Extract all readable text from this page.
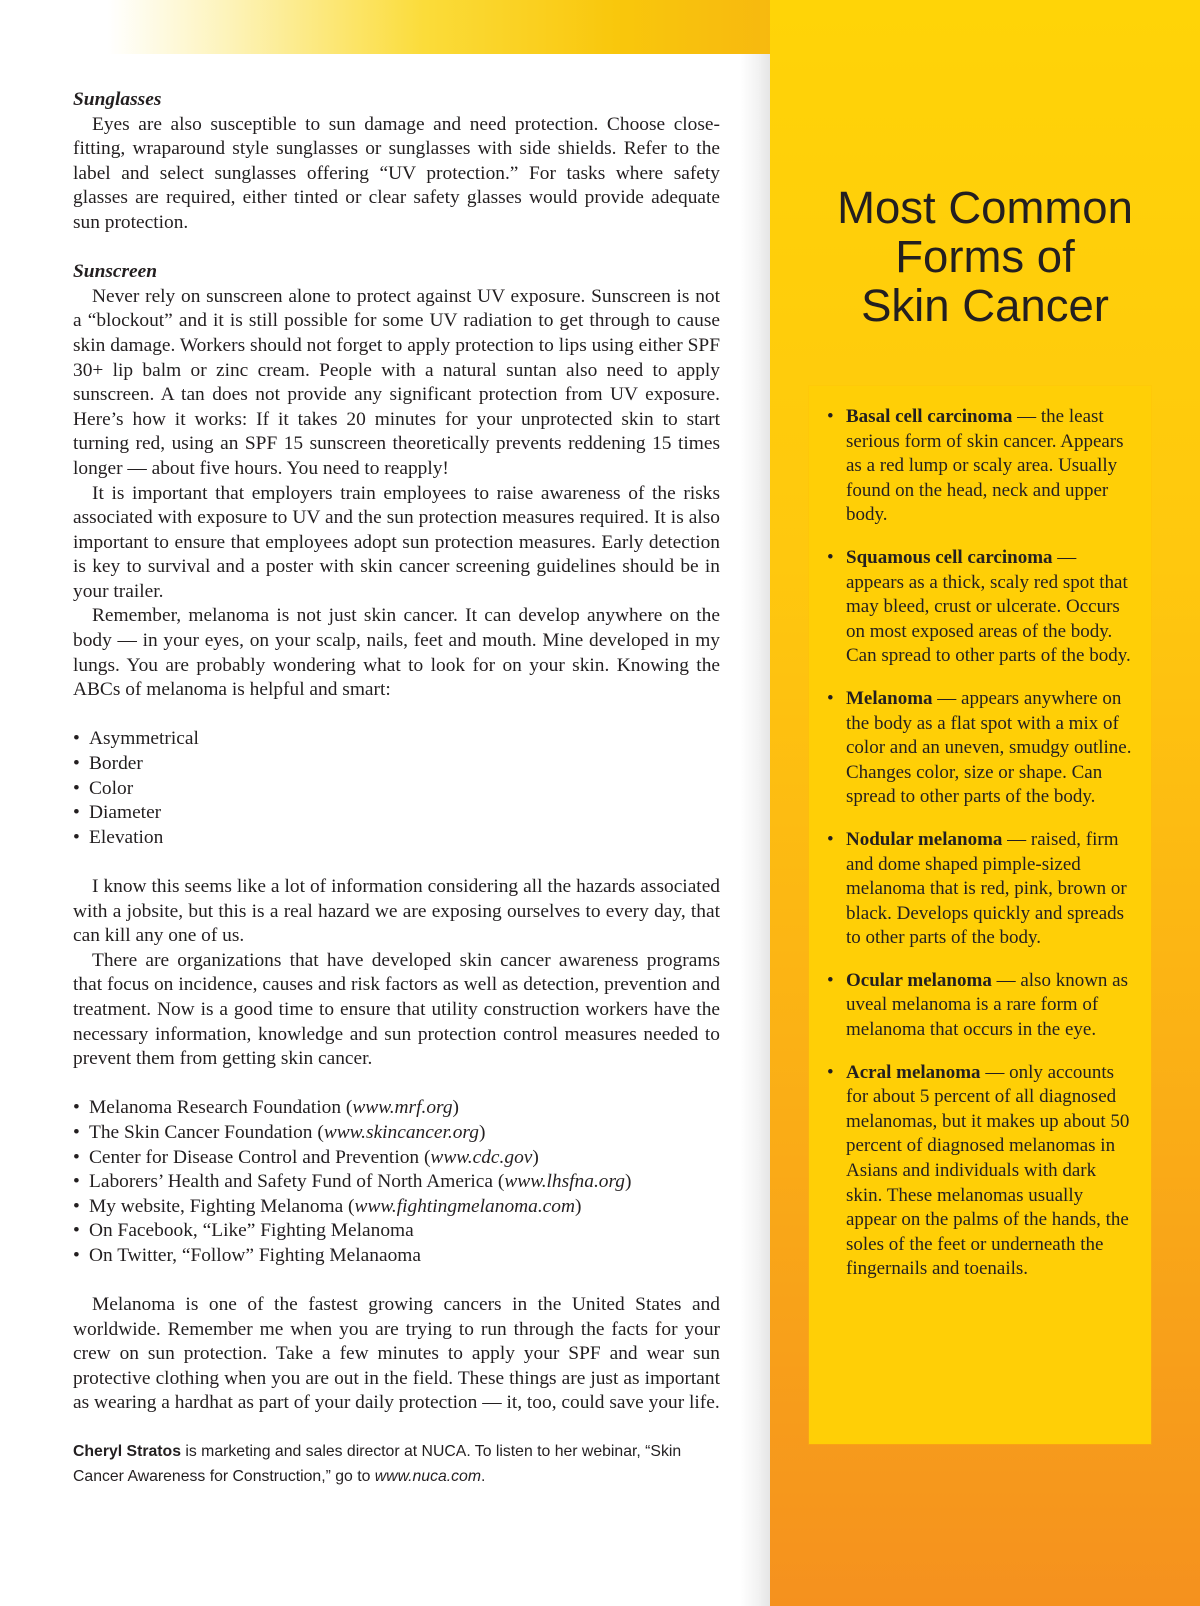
Sunglasses

Eyes are also susceptible to sun damage and need protection. Choose close-fitting, wraparound style sunglasses or sunglasses with side shields. Refer to the label and select sunglasses offering “UV protection.” For tasks where safety glasses are required, either tinted or clear safety glasses would provide adequate sun protection.

Sunscreen

Never rely on sunscreen alone to protect against UV exposure. Sunscreen is not a “blockout” and it is still possible for some UV radiation to get through to cause skin damage. Workers should not forget to apply protection to lips using either SPF 30+ lip balm or zinc cream. People with a natural suntan also need to apply sunscreen. A tan does not provide any significant protection from UV exposure. Here’s how it works: If it takes 20 minutes for your unprotected skin to start turning red, using an SPF 15 sunscreen theoretically prevents reddening 15 times longer — about five hours. You need to reapply!

It is important that employers train employees to raise awareness of the risks associated with exposure to UV and the sun protection measures required. It is also important to ensure that employees adopt sun protection measures. Early detection is key to survival and a poster with skin cancer screening guidelines should be in your trailer.

Remember, melanoma is not just skin cancer. It can develop anywhere on the body — in your eyes, on your scalp, nails, feet and mouth. Mine developed in my lungs. You are probably wondering what to look for on your skin. Knowing the ABCs of melanoma is helpful and smart:

• Asymmetrical
• Border
• Color
• Diameter
• Elevation

I know this seems like a lot of information considering all the hazards associated with a jobsite, but this is a real hazard we are exposing ourselves to every day, that can kill any one of us.

There are organizations that have developed skin cancer awareness programs that focus on incidence, causes and risk factors as well as detection, prevention and treatment. Now is a good time to ensure that utility construction workers have the necessary information, knowledge and sun protection control measures needed to prevent them from getting skin cancer.

• Melanoma Research Foundation (www.mrf.org)
• The Skin Cancer Foundation (www.skincancer.org)
• Center for Disease Control and Prevention (www.cdc.gov)
• Laborers’ Health and Safety Fund of North America (www.lhsfna.org)
• My website, Fighting Melanoma (www.fightingmelanoma.com)
• On Facebook, “Like” Fighting Melanoma
• On Twitter, “Follow” Fighting Melanaoma

Melanoma is one of the fastest growing cancers in the United States and worldwide. Remember me when you are trying to run through the facts for your crew on sun protection. Take a few minutes to apply your SPF and wear sun protective clothing when you are out in the field. These things are just as important as wearing a hardhat as part of your daily protection — it, too, could save your life.

Cheryl Stratos is marketing and sales director at NUCA. To listen to her webinar, “Skin Cancer Awareness for Construction,” go to www.nuca.com.
Most Common
Forms of
Skin Cancer
• Basal cell carcinoma — the least serious form of skin cancer. Appears as a red lump or scaly area. Usually found on the head, neck and upper body.
• Squamous cell carcinoma — appears as a thick, scaly red spot that may bleed, crust or ulcerate. Occurs on most exposed areas of the body. Can spread to other parts of the body.
• Melanoma — appears anywhere on the body as a flat spot with a mix of color and an uneven, smudgy outline. Changes color, size or shape. Can spread to other parts of the body.
• Nodular melanoma — raised, firm and dome shaped pimple-sized melanoma that is red, pink, brown or black. Develops quickly and spreads to other parts of the body.
• Ocular melanoma — also known as uveal melanoma is a rare form of melanoma that occurs in the eye.
• Acral melanoma — only accounts for about 5 percent of all diagnosed melanomas, but it makes up about 50 percent of diagnosed melanomas in Asians and individuals with dark skin. These melanomas usually appear on the palms of the hands, the soles of the feet or underneath the fingernails and toenails.
